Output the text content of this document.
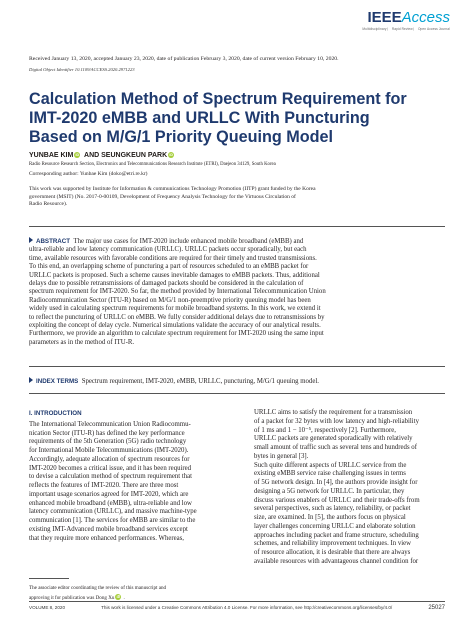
IEEEAccess
Multidisciplinary ⎸ Rapid Review ⎸ Open Access Journal
Received January 13, 2020, accepted January 23, 2020, date of publication February 3, 2020, date of current version February 10, 2020.
Digital Object Identifier 10.1109/ACCESS.2020.2971223
Calculation Method of Spectrum Requirement for
IMT-2020 eMBB and URLLC With Puncturing
Based on M/G/1 Priority Queuing Model
YUNBAE KIM iD AND SEUNGKEUN PARK iD
Radio Resource Research Section, Electronics and Telecommunications Research Institute (ETRI), Daejeon 34129, South Korea
Corresponding author: Yunbae Kim (doko@etri.re.kr)
This work was supported by Institute for Information & communications Technology Promotion (IITP) grant funded by the Korea
government (MSIT) (No. 2017-0-00109, Development of Frequency Analysis Technology for the Virtuous Circulation of
Radio Resource).
ABSTRACT The major use cases for IMT-2020 include enhanced mobile broadband (eMBB) and
ultra-reliable and low latency communication (URLLC). URLLC packets occur sporadically, but each
time, available resources with favorable conditions are required for their timely and trusted transmissions.
To this end, an overlapping scheme of puncturing a part of resources scheduled to an eMBB packet for
URLLC packets is proposed. Such a scheme causes inevitable damages to eMBB packets. Thus, additional
delays due to possible retransmissions of damaged packets should be considered in the calculation of
spectrum requirement for IMT-2020. So far, the method provided by International Telecommunication Union
Radiocommunication Sector (ITU-R) based on M/G/1 non-preemptive priority queuing model has been
widely used in calculating spectrum requirements for mobile broadband systems. In this work, we extend it
to reflect the puncturing of URLLC on eMBB. We fully consider additional delays due to retransmissions by
exploiting the concept of delay cycle. Numerical simulations validate the accuracy of our analytical results.
Furthermore, we provide an algorithm to calculate spectrum requirement for IMT-2020 using the same input
parameters as in the method of ITU-R.
INDEX TERMS Spectrum requirement, IMT-2020, eMBB, URLLC, puncturing, M/G/1 queuing model.
I. INTRODUCTION
The International Telecommunication Union Radiocommu-
nication Sector (ITU-R) has defined the key performance
requirements of the 5th Generation (5G) radio technology
for International Mobile Telecommunications (IMT-2020).
Accordingly, adequate allocation of spectrum resources for
IMT-2020 becomes a critical issue, and it has been required
to devise a calculation method of spectrum requirement that
reflects the features of IMT-2020. There are three most
important usage scenarios agreed for IMT-2020, which are
enhanced mobile broadband (eMBB), ultra-reliable and low
latency communication (URLLC), and massive machine-type
communication [1]. The services for eMBB are similar to the
existing IMT-Advanced mobile broadband services except
that they require more enhanced performances. Whereas,
URLLC aims to satisfy the requirement for a transmission
of a packet for 32 bytes with low latency and high-reliability
of 1 ms and 1 − 10⁻⁵, respectively [2]. Furthermore,
URLLC packets are generated sporadically with relatively
small amount of traffic such as several tens and hundreds of
bytes in general [3].
Such quite different aspects of URLLC service from the
existing eMBB service raise challenging issues in terms
of 5G network design. In [4], the authors provide insight for
designing a 5G network for URLLC. In particular, they
discuss various enablers of URLLC and their trade-offs from
several perspectives, such as latency, reliability, or packet
size, are examined. In [5], the authors focus on physical
layer challenges concerning URLLC and elaborate solution
approaches including packet and frame structure, scheduling
schemes, and reliability improvement techniques. In view
of resource allocation, it is desirable that there are always
available resources with advantageous channel condition for
The associate editor coordinating the review of this manuscript and
approving it for publication was Dong Xu iD .
VOLUME 8, 2020	This work is licensed under a Creative Commons Attribution 4.0 License. For more information, see http://creativecommons.org/licenses/by/4.0/	25027
